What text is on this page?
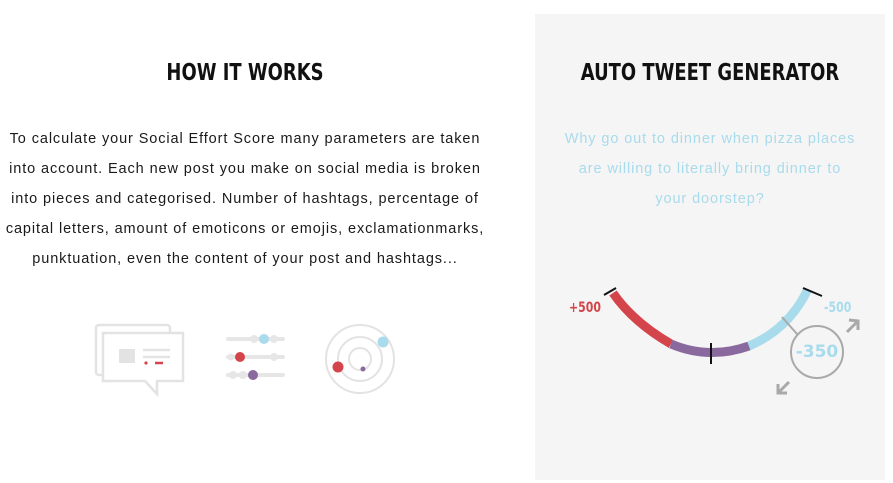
HOW IT WORKS
To calculate your Social Effort Score many parameters are taken
into account. Each new post you make on social media is broken
into pieces and categorised. Number of hashtags, percentage of
capital letters, amount of emoticons or emojis, exclamationmarks,
punktuation, even the content of your post and hashtags...
AUTO TWEET GENERATOR
Why go out to dinner when pizza places
are willing to literally bring dinner to
your doorstep?
+500	-500
-350
